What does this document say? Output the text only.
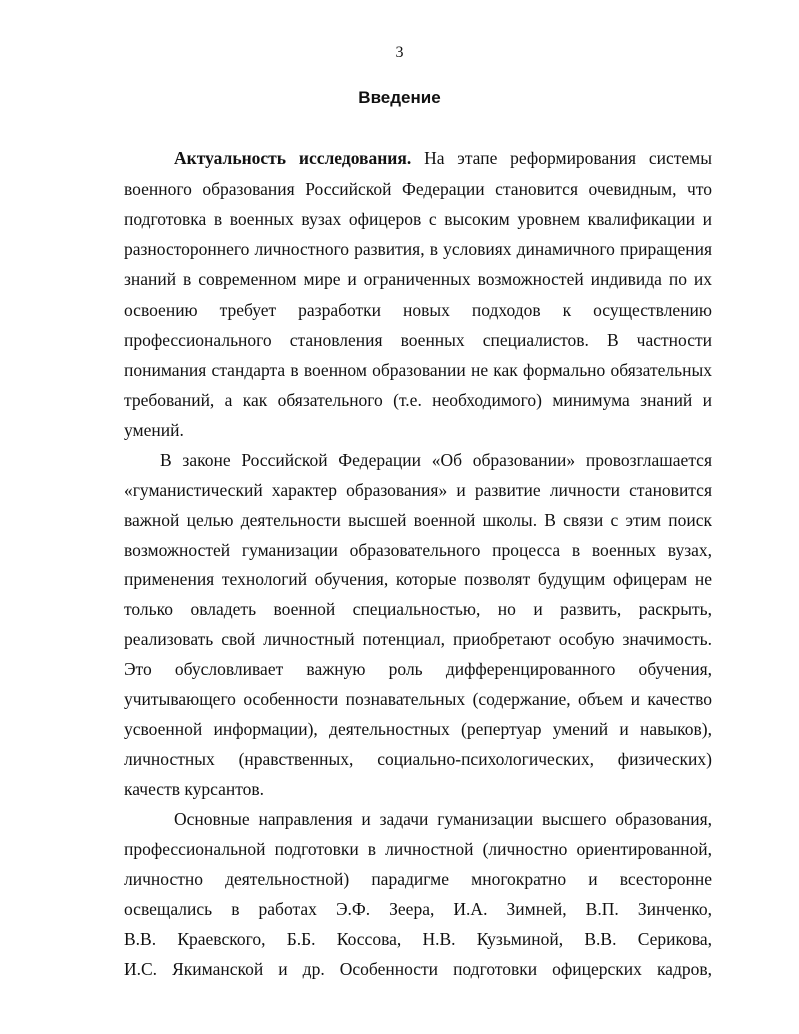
3
Введение
Актуальность исследования. На этапе реформирования системы
военного образования Российской Федерации становится очевидным, что
подготовка в военных вузах офицеров с высоким уровнем квалификации и
разностороннего личностного развития, в условиях динамичного приращения
знаний в современном мире и ограниченных возможностей индивида по их
освоению требует разработки новых подходов к осуществлению
профессионального становления военных специалистов. В частности
понимания стандарта в военном образовании не как формально обязательных
требований, а как обязательного (т.е. необходимого) минимума знаний и
умений.
В законе Российской Федерации «Об образовании» провозглашается
«гуманистический характер образования» и развитие личности становится
важной целью деятельности высшей военной школы. В связи с этим поиск
возможностей гуманизации образовательного процесса в военных вузах,
применения технологий обучения, которые позволят будущим офицерам не
только овладеть военной специальностью, но и развить, раскрыть,
реализовать свой личностный потенциал, приобретают особую значимость.
Это обусловливает важную роль дифференцированного обучения,
учитывающего особенности познавательных (содержание, объем и качество
усвоенной информации), деятельностных (репертуар умений и навыков),
личностных (нравственных, социально-психологических, физических)
качеств курсантов.
Основные направления и задачи гуманизации высшего образования,
профессиональной подготовки в личностной (личностно ориентированной,
личностно деятельностной) парадигме многократно и всесторонне
освещались в работах Э.Ф. Зеера, И.А. Зимней, В.П. Зинченко,
В.В. Краевского, Б.Б. Коссова, Н.В. Кузьминой, В.В. Серикова,
И.С. Якиманской и др. Особенности подготовки офицерских кадров,
